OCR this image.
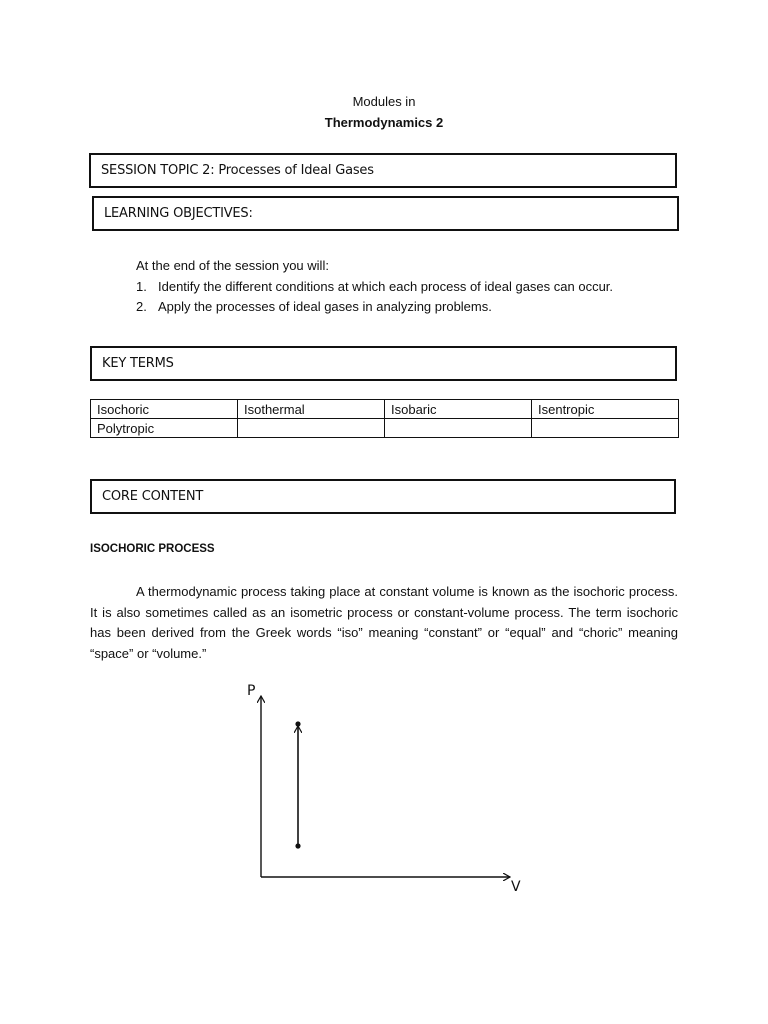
Modules in
Thermodynamics 2
SESSION TOPIC 2: Processes of Ideal Gases
LEARNING OBJECTIVES:
At the end of the session you will:
1. Identify the different conditions at which each process of ideal gases can occur.
2. Apply the processes of ideal gases in analyzing problems.
KEY TERMS
Isochoric	Isothermal	Isobaric	Isentropic
Polytropic			
CORE CONTENT
ISOCHORIC PROCESS
A thermodynamic process taking place at constant volume is known as the isochoric process. It is also sometimes called as an isometric process or constant-volume process. The term isochoric has been derived from the Greek words “iso” meaning “constant” or “equal” and “choric” meaning “space” or “volume.”
P
V
